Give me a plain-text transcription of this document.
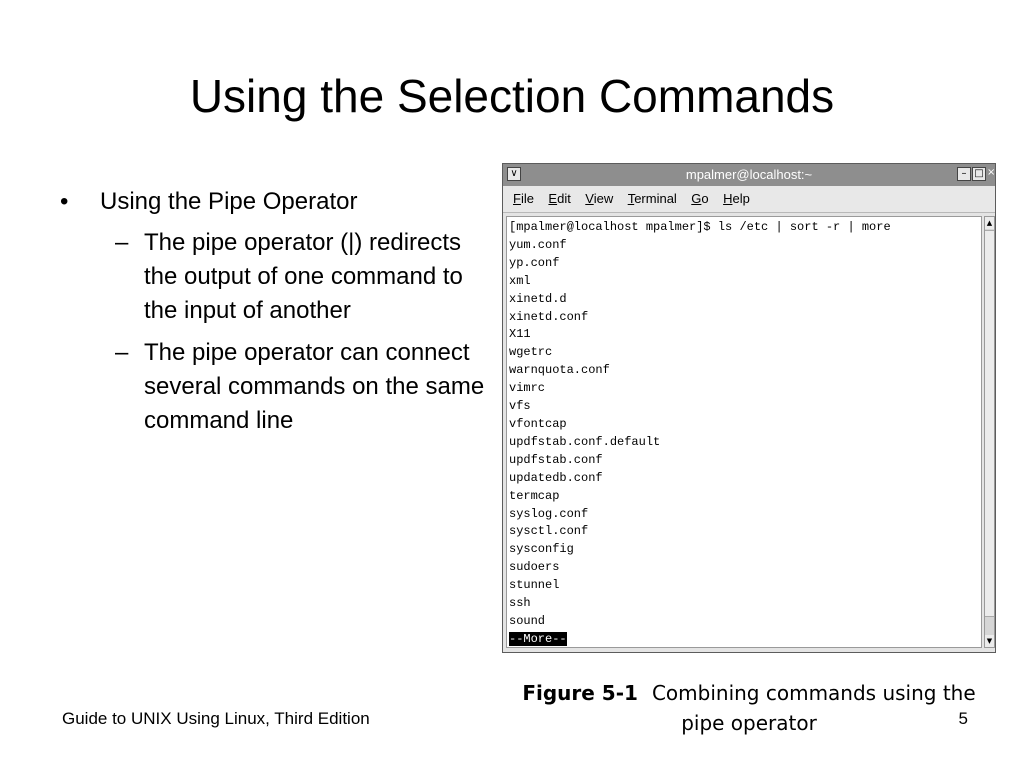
Using the Selection Commands
• Using the Pipe Operator
– The pipe operator (|) redirects the output of one command to the input of another
– The pipe operator can connect several commands on the same command line
∨	mpalmer@localhost:~	– □ ×
File Edit View Terminal Go Help
[mpalmer@localhost mpalmer]$ ls /etc | sort -r | more
yum.conf
yp.conf
xml
xinetd.d
xinetd.conf
X11
wgetrc
warnquota.conf
vimrc
vfs
vfontcap
updfstab.conf.default
updfstab.conf
updatedb.conf
termcap
syslog.conf
sysctl.conf
sysconfig
sudoers
stunnel
ssh
sound
--More--
▲
▼
Figure 5-1 Combining commands using the pipe operator
Guide to UNIX Using Linux, Third Edition	5
